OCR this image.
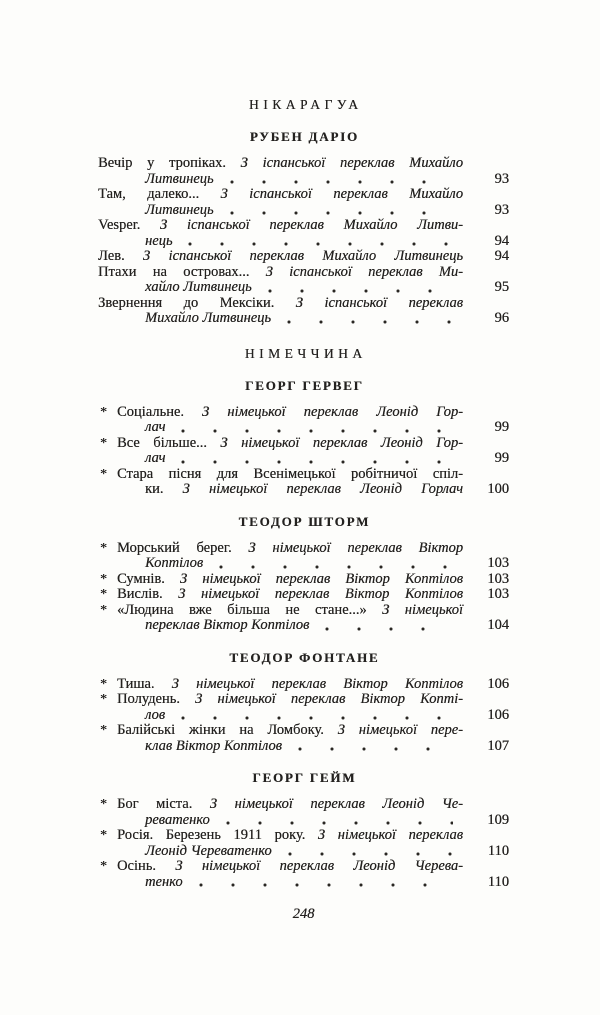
НІКАРАГУА
РУБЕН ДАРІО
Вечір у тропіках. З іспанської переклав Михайло
Литвинець	93
Там, далеко... З іспанської переклав Михайло
Литвинець	93
Vesper. З іспанської переклав Михайло Литви-
нець	94
Лев. З іспанської переклав Михайло Литвинець	94
Птахи на островах... З іспанської переклав Ми-
хайло Литвинець	95
Звернення до Мексіки. З іспанської переклав
Михайло Литвинець	96
НІМЕЧЧИНА
ГЕОРГ ГЕРВЕГ
* Соціальне. З німецької переклав Леонід Гор-
лач	99
* Все більше... З німецької переклав Леонід Гор-
лач	99
* Стара пісня для Всенімецької робітничої спіл-
ки. З німецької переклав Леонід Горлач	100
ТЕОДОР ШТОРМ
* Морський берег. З німецької переклав Віктор
Коптілов	103
* Сумнів. З німецької переклав Віктор Коптілов	103
* Вислів. З німецької переклав Віктор Коптілов	103
* «Людина вже більша не стане...» З німецької
переклав Віктор Коптілов	104
ТЕОДОР ФОНТАНЕ
* Тиша. З німецької переклав Віктор Коптілов	106
* Полудень. З німецької переклав Віктор Копті-
лов	106
* Балійські жінки на Ломбоку. З німецької пере-
клав Віктор Коптілов	107
ГЕОРГ ГЕЙМ
* Бог міста. З німецької переклав Леонід Че-
реватенко	109
* Росія. Березень 1911 року. З німецької переклав
Леонід Череватенко	110
* Осінь. З німецької переклав Леонід Черева-
тенко	110
248
